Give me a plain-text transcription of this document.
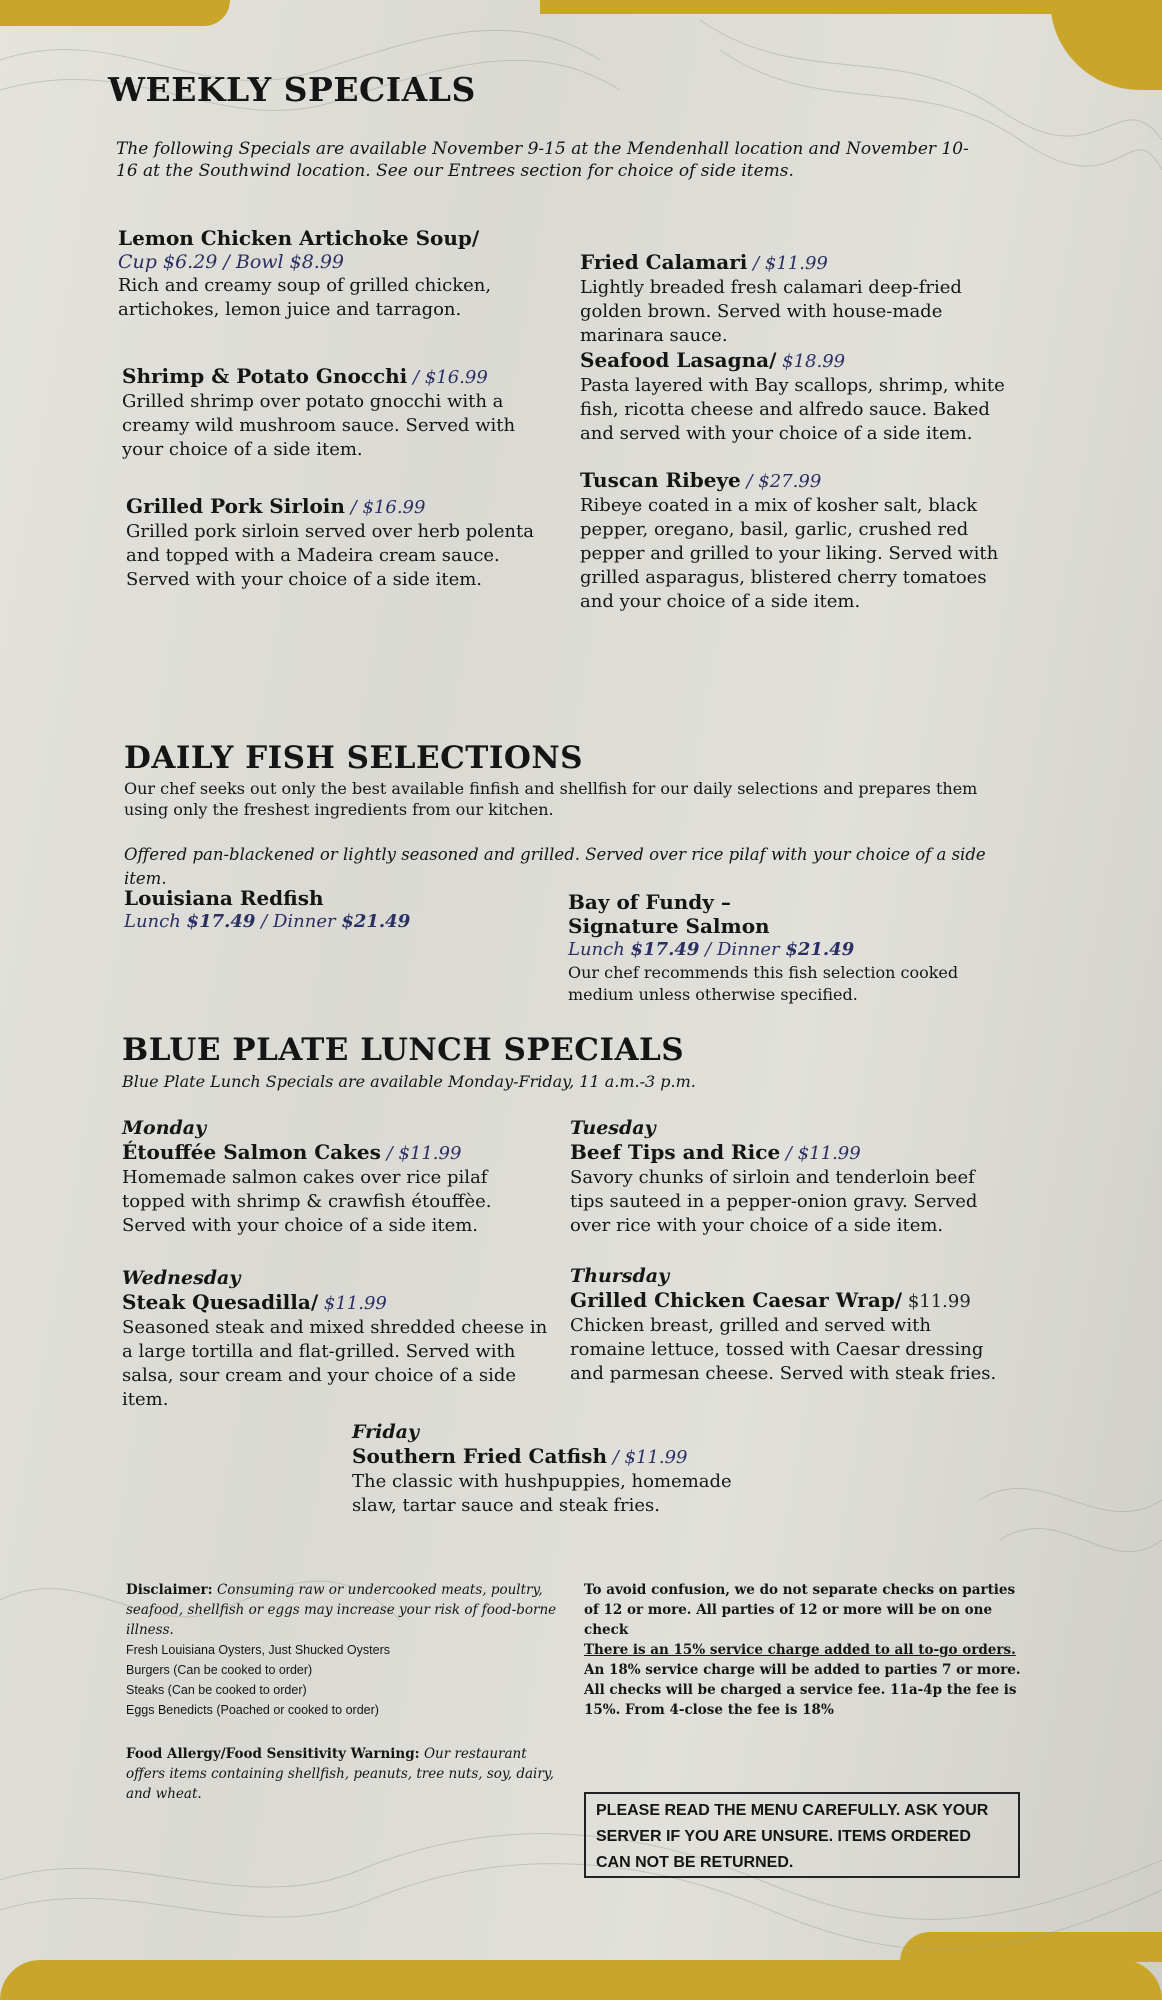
WEEKLY SPECIALS
The following Specials are available November 9-15 at the Mendenhall location and November 10-16 at the Southwind location. See our Entrees section for choice of side items.
Lemon Chicken Artichoke Soup/
Cup $6.29 / Bowl $8.99
Rich and creamy soup of grilled chicken, artichokes, lemon juice and tarragon.
Shrimp & Potato Gnocchi / $16.99
Grilled shrimp over potato gnocchi with a creamy wild mushroom sauce. Served with your choice of a side item.
Grilled Pork Sirloin / $16.99
Grilled pork sirloin served over herb polenta and topped with a Madeira cream sauce. Served with your choice of a side item.
Fried Calamari / $11.99
Lightly breaded fresh calamari deep-fried golden brown. Served with house-made marinara sauce.
Seafood Lasagna/ $18.99
Pasta layered with Bay scallops, shrimp, white fish, ricotta cheese and alfredo sauce. Baked and served with your choice of a side item.
Tuscan Ribeye / $27.99
Ribeye coated in a mix of kosher salt, black pepper, oregano, basil, garlic, crushed red pepper and grilled to your liking. Served with grilled asparagus, blistered cherry tomatoes and your choice of a side item.
DAILY FISH SELECTIONS
Our chef seeks out only the best available finfish and shellfish for our daily selections and prepares them using only the freshest ingredients from our kitchen.
Offered pan-blackened or lightly seasoned and grilled. Served over rice pilaf with your choice of a side item.
Louisiana Redfish
Lunch $17.49 / Dinner $21.49
Bay of Fundy –
Signature Salmon
Lunch $17.49 / Dinner $21.49
Our chef recommends this fish selection cooked medium unless otherwise specified.
BLUE PLATE LUNCH SPECIALS
Blue Plate Lunch Specials are available Monday-Friday, 11 a.m.-3 p.m.
Monday
Étouffée Salmon Cakes / $11.99
Homemade salmon cakes over rice pilaf topped with shrimp & crawfish étouffèe. Served with your choice of a side item.
Tuesday
Beef Tips and Rice / $11.99
Savory chunks of sirloin and tenderloin beef tips sauteed in a pepper-onion gravy. Served over rice with your choice of a side item.
Wednesday
Steak Quesadilla/ $11.99
Seasoned steak and mixed shredded cheese in a large tortilla and flat-grilled. Served with salsa, sour cream and your choice of a side item.
Thursday
Grilled Chicken Caesar Wrap/ $11.99
Chicken breast, grilled and served with romaine lettuce, tossed with Caesar dressing and parmesan cheese. Served with steak fries.
Friday
Southern Fried Catfish / $11.99
The classic with hushpuppies, homemade slaw, tartar sauce and steak fries.
Disclaimer: Consuming raw or undercooked meats, poultry, seafood, shellfish or eggs may increase your risk of food-borne illness.
Fresh Louisiana Oysters, Just Shucked Oysters
Burgers (Can be cooked to order)
Steaks (Can be cooked to order)
Eggs Benedicts (Poached or cooked to order)
Food Allergy/Food Sensitivity Warning: Our restaurant offers items containing shellfish, peanuts, tree nuts, soy, dairy, and wheat.
To avoid confusion, we do not separate checks on parties of 12 or more. All parties of 12 or more will be on one check
There is an 15% service charge added to all to-go orders.
An 18% service charge will be added to parties 7 or more.
All checks will be charged a service fee. 11a-4p the fee is 15%. From 4-close the fee is 18%
PLEASE READ THE MENU CAREFULLY. ASK YOUR SERVER IF YOU ARE UNSURE. ITEMS ORDERED CAN NOT BE RETURNED.
